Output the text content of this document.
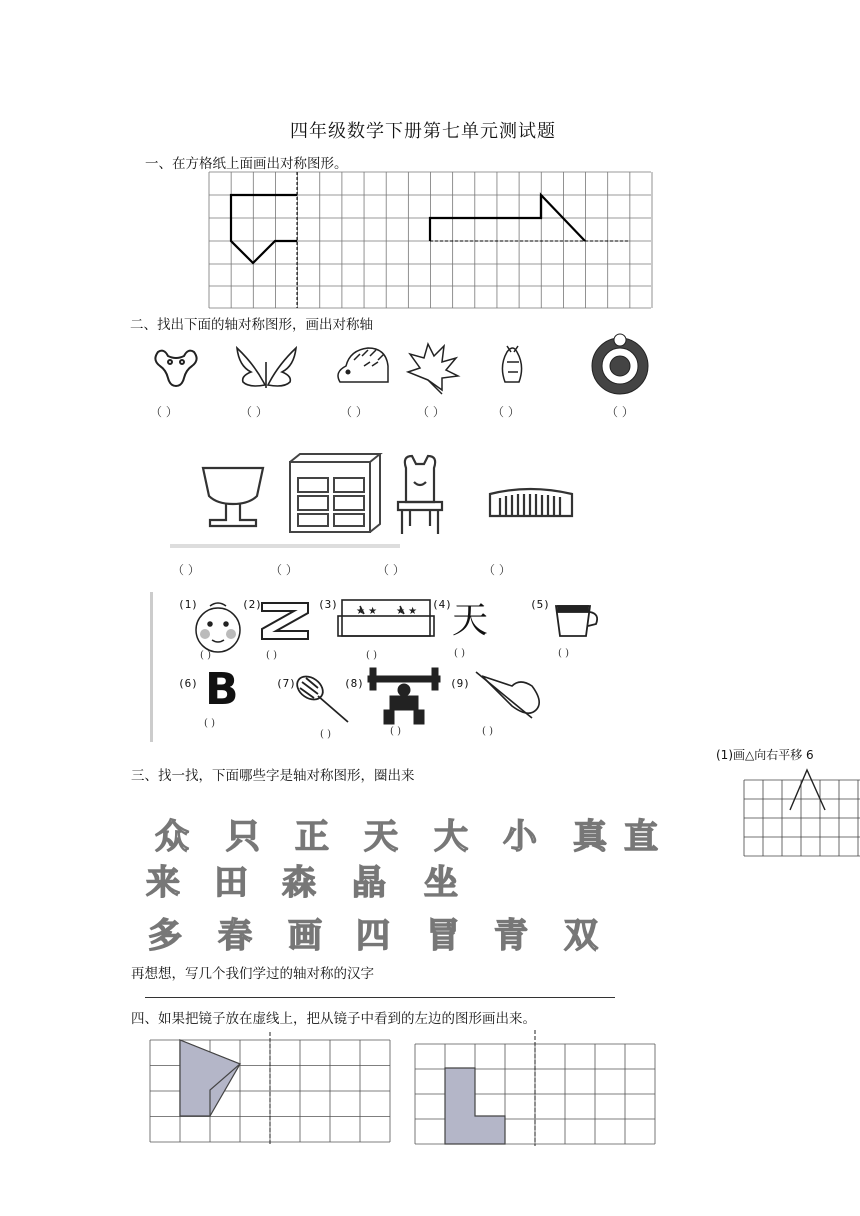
四年级数学下册第七单元测试题
一、在方格纸上面画出对称图形。
二、找出下面的轴对称图形，画出对称轴
★ ★ ★ ★
（ ）	（ ）	（ ）	（ ）	（ ）	（ ）
（ ）	（ ）	（ ）	（ ）
(1)	(2)	(3)	(4)	(5)
天
( )	( )	( )	( )	( )
(6)	(7)	(8)	(9)
B
( )
( )	( )	( )
(1)画△向右平移 6
三、找一找，下面哪些字是轴对称图形，圈出来
众 只 正 天 大 小 真 直
来 田 森 晶 坐
多 春 画 四 冒 青 双
再想想，写几个我们学过的轴对称的汉字
四、如果把镜子放在虚线上，把从镜子中看到的左边的图形画出来。
